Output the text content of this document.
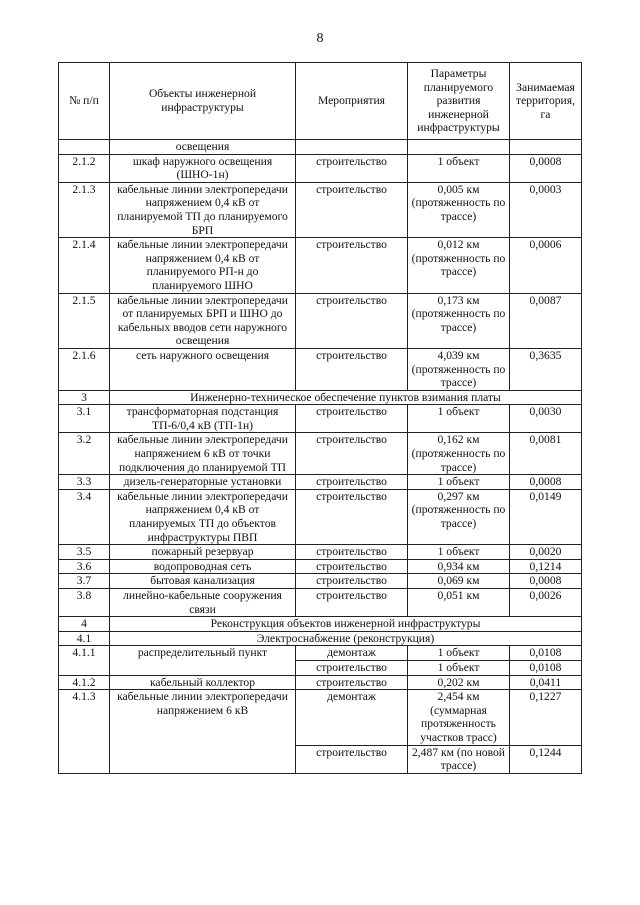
8
№ п/п	Объекты инженерной инфраструктуры	Мероприятия	Параметры планируемого развития инженерной инфраструктуры	Занимаемая территория, га
	освещения			
2.1.2	шкаф наружного освещения (ШНО-1н)	строительство	1 объект	0,0008
2.1.3	кабельные линии электропередачи напряжением 0,4 кВ от планируемой ТП до планируемого БРП	строительство	0,005 км (протяженность по трассе)	0,0003
2.1.4	кабельные линии электропередачи напряжением 0,4 кВ от планируемого РП-н до планируемого ШНО	строительство	0,012 км (протяженность по трассе)	0,0006
2.1.5	кабельные линии электропередачи от планируемых БРП и ШНО до кабельных вводов сети наружного освещения	строительство	0,173 км (протяженность по трассе)	0,0087
2.1.6	сеть наружного освещения	строительство	4,039 км (протяженность по трассе)	0,3635
3	Инженерно-техническое обеспечение пунктов взимания платы			
3.1	трансформаторная подстанция ТП-6/0,4 кВ (ТП-1н)	строительство	1 объект	0,0030
3.2	кабельные линии электропередачи напряжением 6 кВ от точки подключения до планируемой ТП	строительство	0,162 км (протяженность по трассе)	0,0081
3.3	дизель-генераторные установки	строительство	1 объект	0,0008
3.4	кабельные линии электропередачи напряжением 0,4 кВ от планируемых ТП до объектов инфраструктуры ПВП	строительство	0,297 км (протяженность по трассе)	0,0149
3.5	пожарный резервуар	строительство	1 объект	0,0020
3.6	водопроводная сеть	строительство	0,934 км	0,1214
3.7	бытовая канализация	строительство	0,069 км	0,0008
3.8	линейно-кабельные сооружения связи	строительство	0,051 км	0,0026
4	Реконструкция объектов инженерной инфраструктуры			
4.1	Электроснабжение (реконструкция)			
4.1.1	распределительный пункт	демонтаж	1 объект	0,0108
		строительство	1 объект	0,0108
4.1.2	кабельный коллектор	строительство	0,202 км	0,0411
4.1.3	кабельные линии электропередачи напряжением 6 кВ	демонтаж	2,454 км (суммарная протяженность участков трасс)	0,1227
		строительство	2,487 км (по новой трассе)	0,1244
